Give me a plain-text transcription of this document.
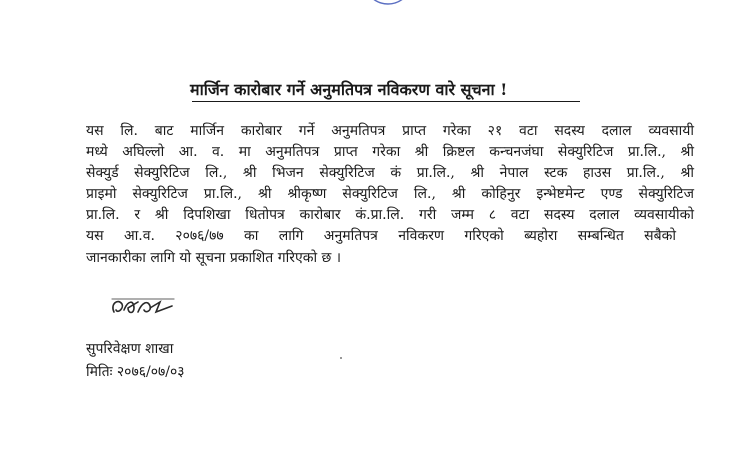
मार्जिन कारोबार गर्ने अनुमतिपत्र नविकरण वारे सूचना !
यस लि. बाट मार्जिन कारोबार गर्ने अनुमतिपत्र प्राप्त गरेका २१ वटा सदस्य दलाल व्यवसायी
मध्ये अघिल्लो आ. व. मा अनुमतिपत्र प्राप्त गरेका श्री क्रिष्टल कन्चनजंघा सेक्युरिटिज प्रा.लि., श्री
सेक्युर्ड सेक्युरिटिज लि., श्री भिजन सेक्युरिटिज कं प्रा.लि., श्री नेपाल स्टक हाउस प्रा.लि., श्री
प्राइमो सेक्युरिटिज प्रा.लि., श्री श्रीकृष्ण सेक्युरिटिज लि., श्री कोहिनुर इन्भेष्टमेन्ट एण्ड सेक्युरिटिज
प्रा.लि. र श्री दिपशिखा धितोपत्र कारोबार कं.प्रा.लि. गरी जम्म ८ वटा सदस्य दलाल व्यवसायीको
यस आ.व. २०७६/७७ का लागि अनुमतिपत्र नविकरण गरिएको ब्यहोरा सम्बन्धित सबैको
जानकारीका लागि यो सूचना प्रकाशित गरिएको छ ।
सुपरिवेक्षण शाखा
मितिः २०७६/०७/०३
